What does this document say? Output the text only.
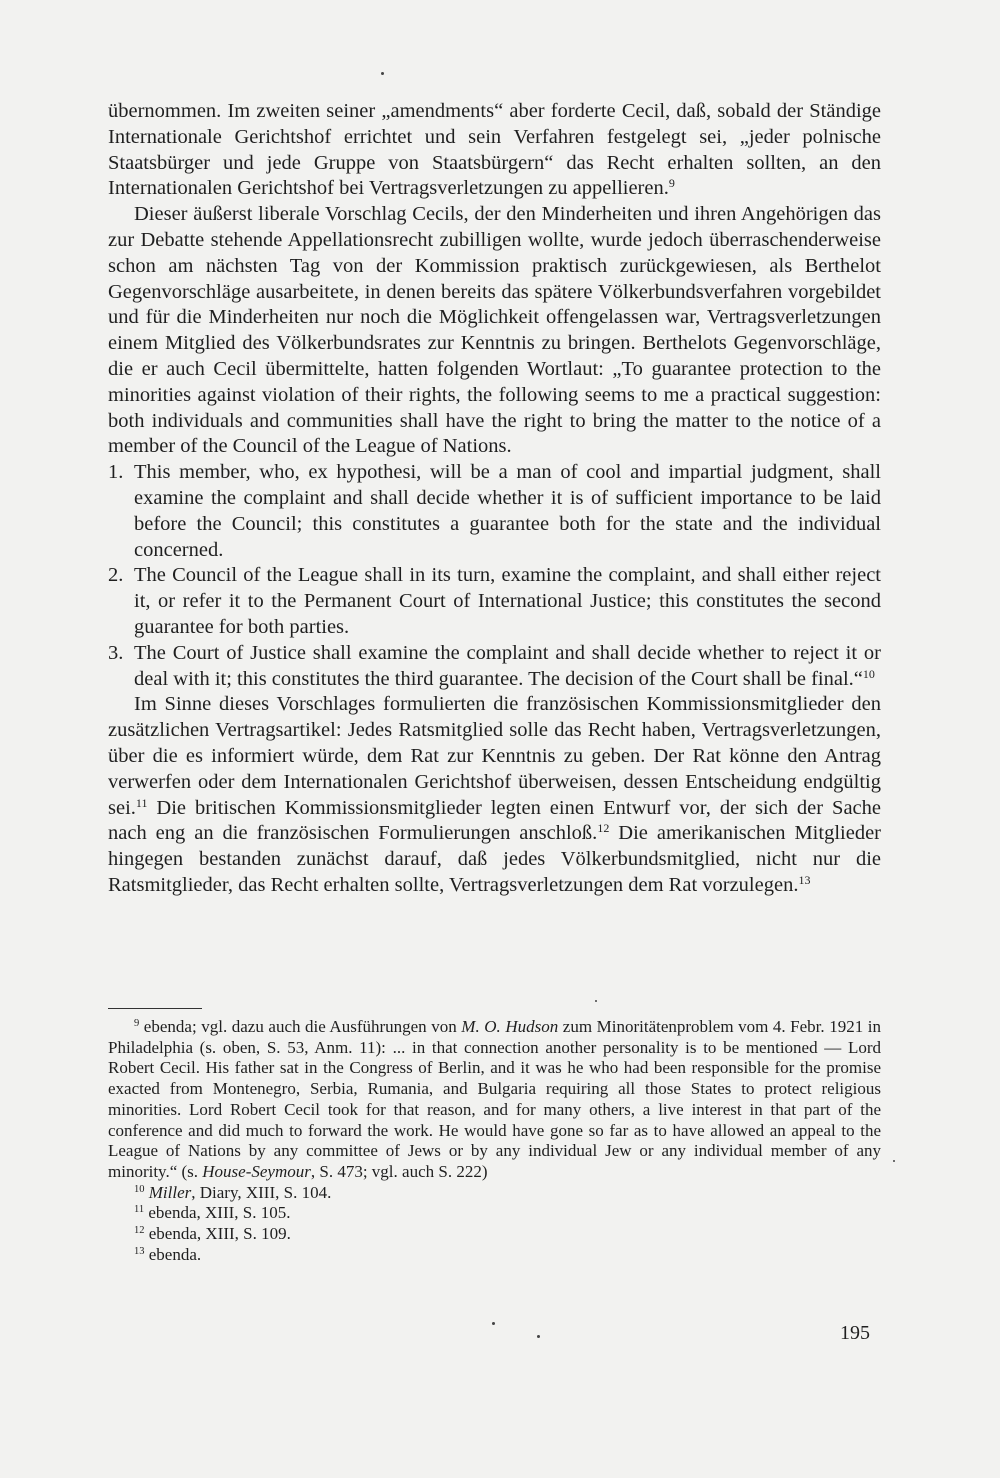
übernommen. Im zweiten seiner „amendments“ aber forderte Cecil, daß, sobald der Ständige Internationale Gerichtshof errichtet und sein Verfahren festgelegt sei, „jeder polnische Staatsbürger und jede Gruppe von Staatsbürgern“ das Recht erhalten sollten, an den Internationalen Gerichtshof bei Vertragsverletzungen zu appellieren.$^9$

Dieser äußerst liberale Vorschlag Cecils, der den Minderheiten und ihren Angehörigen das zur Debatte stehende Appellationsrecht zubilligen wollte, wurde jedoch überraschenderweise schon am nächsten Tag von der Kommission praktisch zurückgewiesen, als Berthelot Gegenvorschläge ausarbeitete, in denen bereits das spätere Völkerbundsverfahren vorgebildet und für die Minderheiten nur noch die Möglichkeit offengelassen war, Vertragsverletzungen einem Mitglied des Völkerbundsrates zur Kenntnis zu bringen. Berthelots Gegenvorschläge, die er auch Cecil übermittelte, hatten folgenden Wortlaut: „To guarantee protection to the minorities against violation of their rights, the following seems to me a practical suggestion: both individuals and communities shall have the right to bring the matter to the notice of a member of the Council of the League of Nations.

1. This member, who, ex hypothesi, will be a man of cool and impartial judgment, shall examine the complaint and shall decide whether it is of sufficient importance to be laid before the Council; this constitutes a guarantee both for the state and the individual concerned.
2. The Council of the League shall in its turn, examine the complaint, and shall either reject it, or refer it to the Permanent Court of International Justice; this constitutes the second guarantee for both parties.
3. The Court of Justice shall examine the complaint and shall decide whether to reject it or deal with it; this constitutes the third guarantee. The decision of the Court shall be final.“$^{10}$

Im Sinne dieses Vorschlages formulierten die französischen Kommissionsmitglieder den zusätzlichen Vertragsartikel: Jedes Ratsmitglied solle das Recht haben, Vertragsverletzungen, über die es informiert würde, dem Rat zur Kenntnis zu geben. Der Rat könne den Antrag verwerfen oder dem Internationalen Gerichtshof überweisen, dessen Entscheidung endgültig sei.$^{11}$ Die britischen Kommissionsmitglieder legten einen Entwurf vor, der sich der Sache nach eng an die französischen Formulierungen anschloß.$^{12}$ Die amerikanischen Mitglieder hingegen bestanden zunächst darauf, daß jedes Völkerbundsmitglied, nicht nur die Ratsmitglieder, das Recht erhalten sollte, Vertragsverletzungen dem Rat vorzulegen.$^{13}$

$^9$ ebenda; vgl. dazu auch die Ausführungen von M. O. Hudson zum Minoritätenproblem vom 4. Febr. 1921 in Philadelphia (s. oben, S. 53, Anm. 11): ... in that connection another personality is to be mentioned — Lord Robert Cecil. His father sat in the Congress of Berlin, and it was he who had been responsible for the promise exacted from Montenegro, Serbia, Rumania, and Bulgaria requiring all those States to protect religious minorities. Lord Robert Cecil took for that reason, and for many others, a live interest in that part of the conference and did much to forward the work. He would have gone so far as to have allowed an appeal to the League of Nations by any committee of Jews or by any individual Jew or any individual member of any minority.“ (s. House-Seymour, S. 473; vgl. auch S. 222)

$^{10}$ Miller, Diary, XIII, S. 104.

$^{11}$ ebenda, XIII, S. 105.

$^{12}$ ebenda, XIII, S. 109.

$^{13}$ ebenda.

195
